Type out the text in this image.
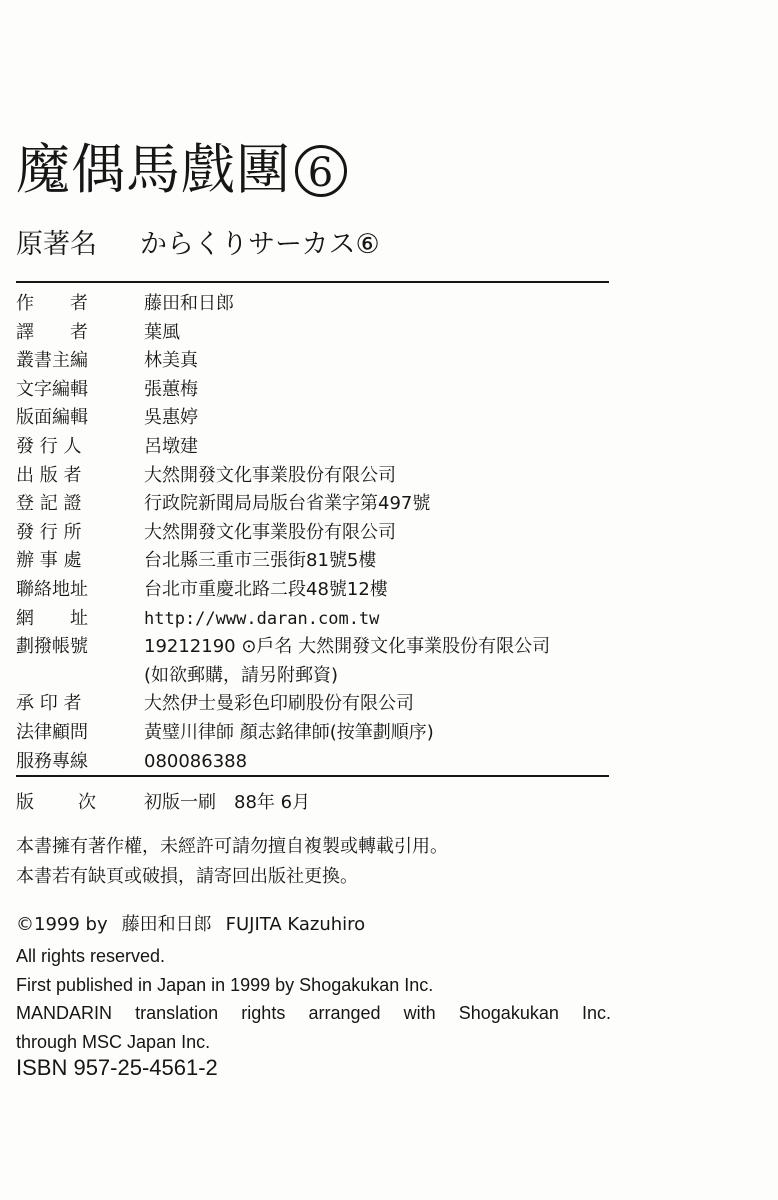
魔偶馬戲團 6
原著名 からくりサーカス⑥
作　　者	藤田和日郎
譯　　者	葉風
叢書主編	林美真
文字編輯	張蕙梅
版面編輯	吳惠婷
發 行 人	呂墩建
出 版 者	大然開發文化事業股份有限公司
登 記 證	行政院新聞局局版台省業字第497號
發 行 所	大然開發文化事業股份有限公司
辦 事 處	台北縣三重市三張街81號5樓
聯絡地址	台北市重慶北路二段48號12樓
網　　址	http://www.daran.com.tw
劃撥帳號	19212190 ⊙戶名 大然開發文化事業股份有限公司
(如欲郵購，請另附郵資)
承 印 者	大然伊士曼彩色印刷股份有限公司
法律顧問	黃璧川律師 顏志銘律師(按筆劃順序)
服務專線	080086388
版　　次	初版一刷　88年 6月
本書擁有著作權，未經許可請勿擅自複製或轉載引用。
本書若有缺頁或破損，請寄回出版社更換。
©1999 by 藤田和日郎 FUJITA Kazuhiro
All rights reserved.
First published in Japan in 1999 by Shogakukan Inc.
MANDARIN translation rights arranged with Shogakukan Inc.
through MSC Japan Inc.
ISBN 957-25-4561-2
